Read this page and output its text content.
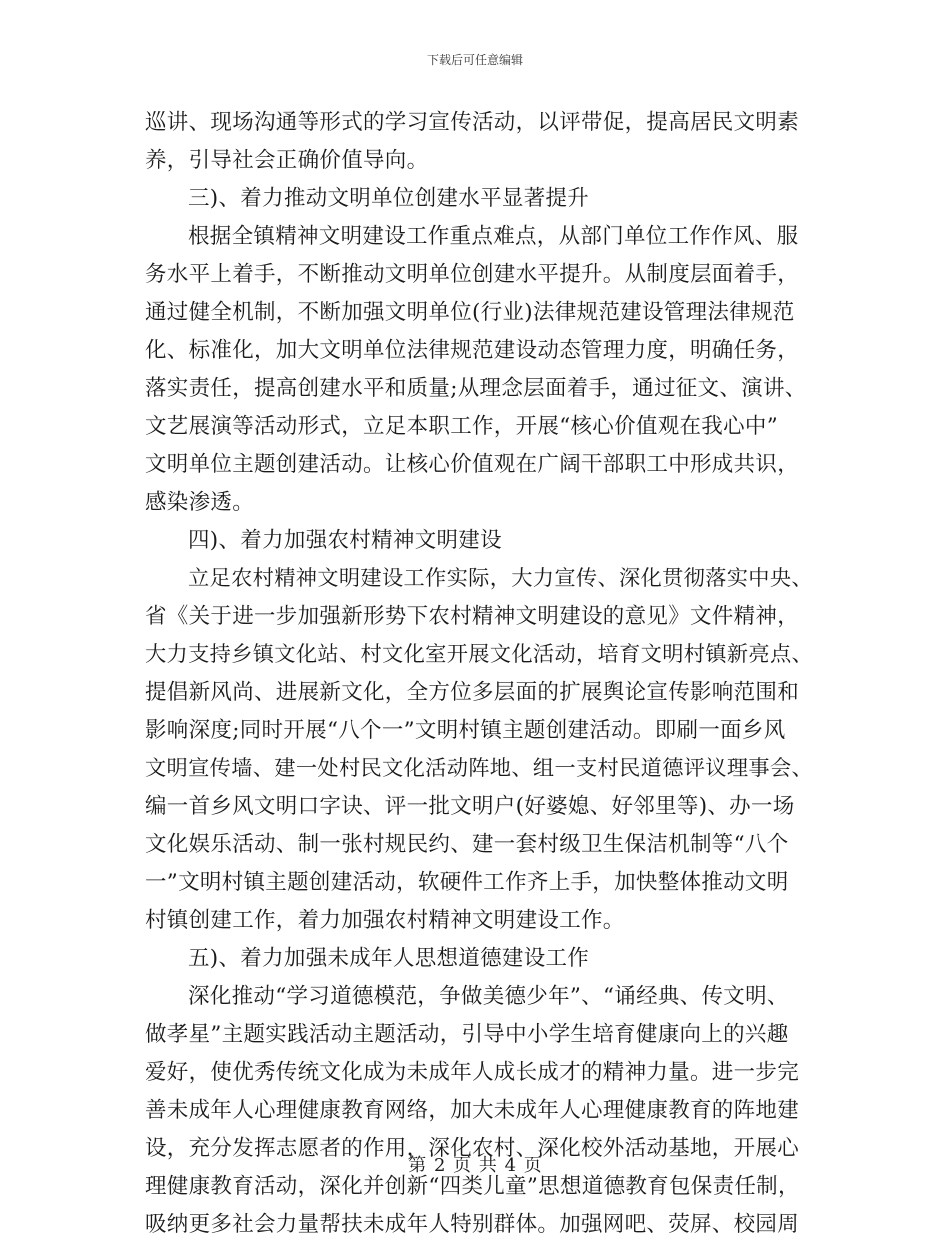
下载后可任意编辑
巡讲、现场沟通等形式的学习宣传活动，以评带促，提高居民文明素
养，引导社会正确价值导向。
三)、着力推动文明单位创建水平显著提升
根据全镇精神文明建设工作重点难点，从部门单位工作作风、服
务水平上着手，不断推动文明单位创建水平提升。从制度层面着手，
通过健全机制，不断加强文明单位(行业)法律规范建设管理法律规范
化、标准化，加大文明单位法律规范建设动态管理力度，明确任务，
落实责任，提高创建水平和质量;从理念层面着手，通过征文、演讲、
文艺展演等活动形式，立足本职工作，开展“核心价值观在我心中”
文明单位主题创建活动。让核心价值观在广阔干部职工中形成共识，
感染渗透。
四)、着力加强农村精神文明建设
立足农村精神文明建设工作实际，大力宣传、深化贯彻落实中央、
省《关于进一步加强新形势下农村精神文明建设的意见》文件精神，
大力支持乡镇文化站、村文化室开展文化活动，培育文明村镇新亮点、
提倡新风尚、进展新文化，全方位多层面的扩展舆论宣传影响范围和
影响深度;同时开展“八个一”文明村镇主题创建活动。即刷一面乡风
文明宣传墙、建一处村民文化活动阵地、组一支村民道德评议理事会、
编一首乡风文明口字诀、评一批文明户(好婆媳、好邻里等)、办一场
文化娱乐活动、制一张村规民约、建一套村级卫生保洁机制等“八个
一”文明村镇主题创建活动，软硬件工作齐上手，加快整体推动文明
村镇创建工作，着力加强农村精神文明建设工作。
五)、着力加强未成年人思想道德建设工作
深化推动“学习道德模范，争做美德少年”、“诵经典、传文明、
做孝星”主题实践活动主题活动，引导中小学生培育健康向上的兴趣
爱好，使优秀传统文化成为未成年人成长成才的精神力量。进一步完
善未成年人心理健康教育网络，加大未成年人心理健康教育的阵地建
设，充分发挥志愿者的作用，深化农村、深化校外活动基地，开展心
理健康教育活动，深化并创新“四类儿童”思想道德教育包保责任制，
吸纳更多社会力量帮扶未成年人特别群体。加强网吧、荧屏、校园周
第 2 页 共 4 页
